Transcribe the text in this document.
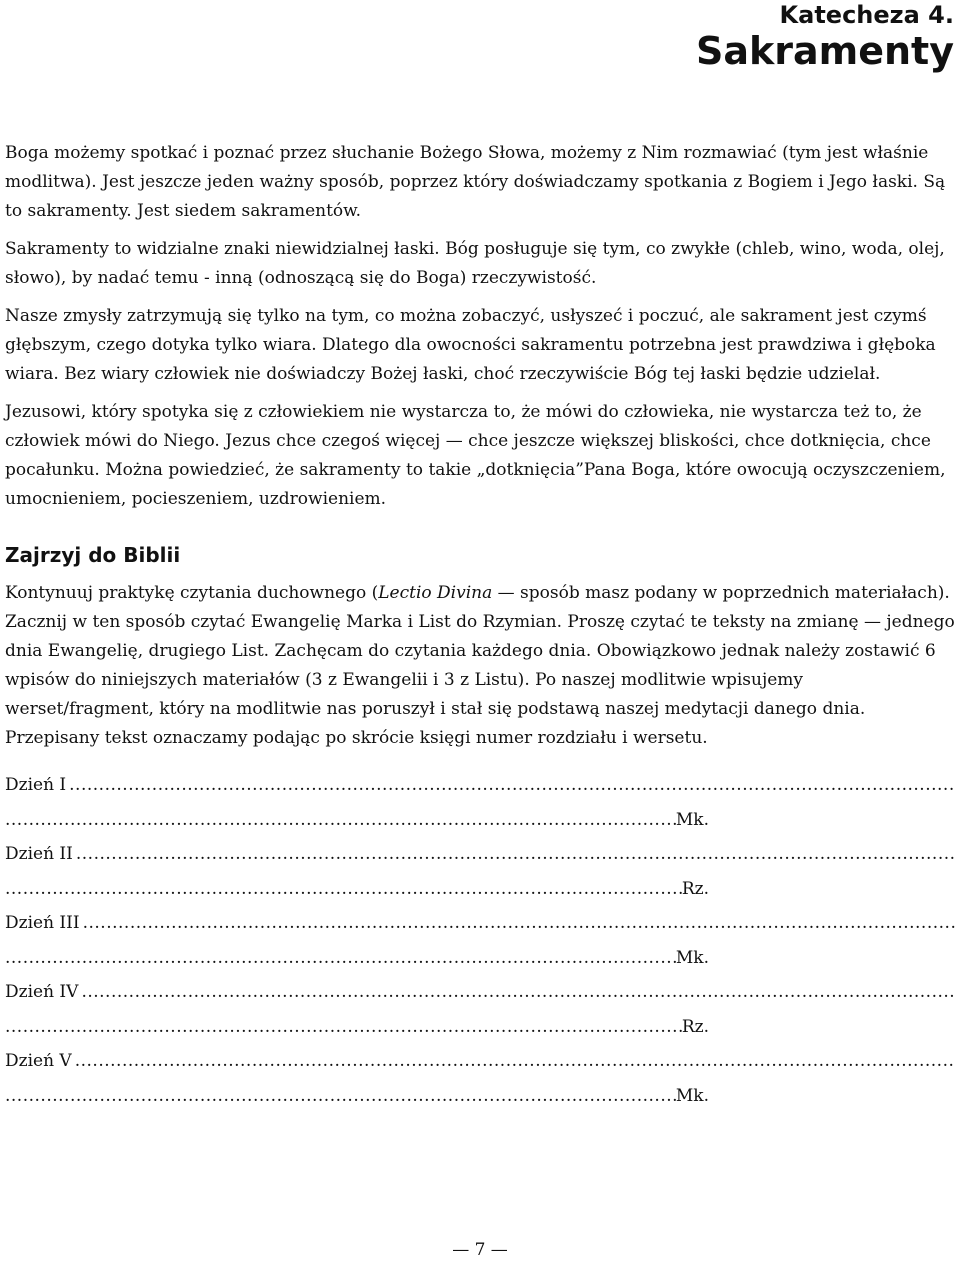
Katecheza 4.
Sakramenty

Boga możemy spotkać i poznać przez słuchanie Bożego Słowa, możemy z Nim rozmawiać (tym jest właśnie modlitwa). Jest jeszcze jeden ważny sposób, poprzez który doświadczamy spotkania z Bogiem i Jego łaski. Są to sakramenty. Jest siedem sakramentów.

Sakramenty to widzialne znaki niewidzialnej łaski. Bóg posługuje się tym, co zwykłe (chleb, wino, woda, olej, słowo), by nadać temu - inną (odnoszącą się do Boga) rzeczywistość.

Nasze zmysły zatrzymują się tylko na tym, co można zobaczyć, usłyszeć i poczuć, ale sakrament jest czymś głębszym, czego dotyka tylko wiara. Dlatego dla owocności sakramentu potrzebna jest prawdziwa i głęboka wiara. Bez wiary człowiek nie doświadczy Bożej łaski, choć rzeczywiście Bóg tej łaski będzie udzielał.

Jezusowi, który spotyka się z człowiekiem nie wystarcza to, że mówi do człowieka, nie wystarcza też to, że człowiek mówi do Niego. Jezus chce czegoś więcej — chce jeszcze większej bliskości, chce dotknięcia, chce pocałunku. Można powiedzieć, że sakramenty to takie „dotknięcia”Pana Boga, które owocują oczyszczeniem, umocnieniem, pocieszeniem, uzdrowieniem.

Zajrzyj do Biblii

Kontynuuj praktykę czytania duchownego (Lectio Divina — sposób masz podany w poprzednich materiałach). Zacznij w ten sposób czytać Ewangelię Marka i List do Rzymian. Proszę czytać te teksty na zmianę — jednego dnia Ewangelię, drugiego List. Zachęcam do czytania każdego dnia. Obowiązkowo jednak należy zostawić 6 wpisów do niniejszych materiałów (3 z Ewangelii i 3 z Listu). Po naszej modlitwie wpisujemy werset/fragment, który na modlitwie nas poruszył i stał się podstawą naszej medytacji danego dnia. Przepisany tekst oznaczamy podając po skrócie księgi numer rozdziału i wersetu.

Dzień I
.....
.....
Mk.
Dzień II
.....
.....
Rz.
Dzień III
.....
.....
Mk.
Dzień IV
.....
.....
Rz.
Dzień V
.....
.....
Mk.
— 7 —
